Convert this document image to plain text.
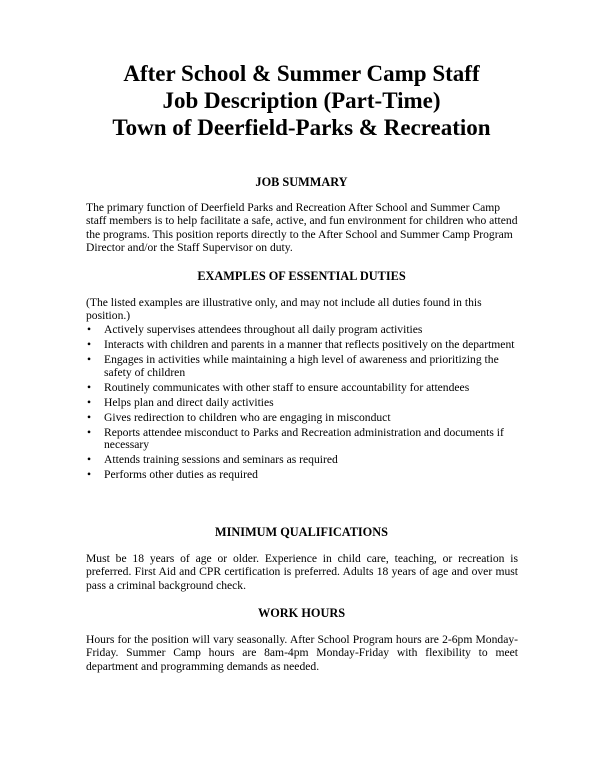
After School & Summer Camp Staff
Job Description (Part-Time)
Town of Deerfield-Parks & Recreation
JOB SUMMARY

The primary function of Deerfield Parks and Recreation After School and Summer Camp staff members is to help facilitate a safe, active, and fun environment for children who attend the programs. This position reports directly to the After School and Summer Camp Program Director and/or the Staff Supervisor on duty.

EXAMPLES OF ESSENTIAL DUTIES

(The listed examples are illustrative only, and may not include all duties found in this position.)

• Actively supervises attendees throughout all daily program activities
• Interacts with children and parents in a manner that reflects positively on the department
• Engages in activities while maintaining a high level of awareness and prioritizing the safety of children
• Routinely communicates with other staff to ensure accountability for attendees
• Helps plan and direct daily activities
• Gives redirection to children who are engaging in misconduct
• Reports attendee misconduct to Parks and Recreation administration and documents if necessary
• Attends training sessions and seminars as required
• Performs other duties as required
MINIMUM QUALIFICATIONS

Must be 18 years of age or older. Experience in child care, teaching, or recreation is preferred. First Aid and CPR certification is preferred. Adults 18 years of age and over must pass a criminal background check.

WORK HOURS

Hours for the position will vary seasonally. After School Program hours are 2-6pm Monday-Friday. Summer Camp hours are 8am-4pm Monday-Friday with flexibility to meet department and programming demands as needed.
